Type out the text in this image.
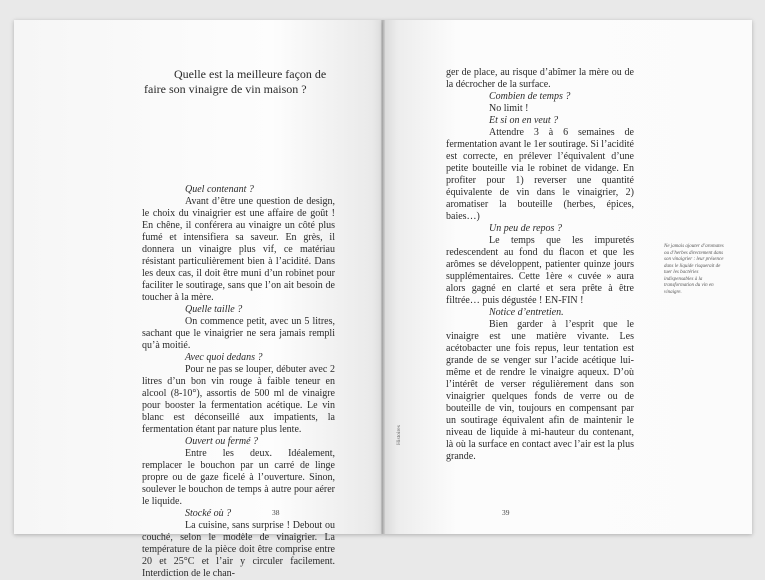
Quelle est la meilleure façon de faire son vinaigre de vin maison ?

Quel contenant ?

Avant d’être une question de design, le choix du vinaigrier est une affaire de goût ! En chêne, il conférera au vinaigre un côté plus fumé et intensifiera sa saveur. En grès, il donnera un vinaigre plus vif, ce matériau résistant particulièrement bien à l’acidité. Dans les deux cas, il doit être muni d’un robinet pour faciliter le soutirage, sans que l’on ait besoin de toucher à la mère.

Quelle taille ?

On commence petit, avec un 5 litres, sachant que le vinaigrier ne sera jamais rempli qu’à moitié.

Avec quoi dedans ?

Pour ne pas se louper, débuter avec 2 litres d’un bon vin rouge à faible teneur en alcool (8-10°), assortis de 500 ml de vinaigre pour booster la fermentation acétique. Le vin blanc est déconseillé aux impatients, la fermentation étant par nature plus lente.

Ouvert ou fermé ?

Entre les deux. Idéalement, remplacer le bouchon par un carré de linge propre ou de gaze ficelé à l’ouverture. Sinon, soulever le bouchon de temps à autre pour aérer le liquide.

Stocké où ?

La cuisine, sans surprise ! Debout ou couché, selon le modèle de vinaigrier. La température de la pièce doit être comprise entre 20 et 25°C et l’air y circuler facilement. Interdiction de le chan-

38
Histoires

ger de place, au risque d’abîmer la mère ou de la décrocher de la surface.

Combien de temps ?

No limit !

Et si on en veut ?

Attendre 3 à 6 semaines de fermentation avant le 1er soutirage. Si l’acidité est correcte, en prélever l’équivalent d’une petite bouteille via le robinet de vidange. En profiter pour 1) reverser une quantité équivalente de vin dans le vinaigrier, 2) aromatiser la bouteille (herbes, épices, baies…)

Un peu de repos ?

Le temps que les impuretés redescendent au fond du flacon et que les arômes se développent, patienter quinze jours supplémentaires. Cette 1ère « cuvée » aura alors gagné en clarté et sera prête à être filtrée… puis dégustée ! EN-FIN !

Notice d’entretien.

Bien garder à l’esprit que le vinaigre est une matière vivante. Les acétobacter une fois repus, leur tentation est grande de se venger sur l’acide acétique lui-même et de rendre le vinaigre aqueux. D’où l’intérêt de verser régulièrement dans son vinaigrier quelques fonds de verre ou de bouteille de vin, toujours en compensant par un soutirage équivalent afin de maintenir le niveau de liquide à mi-hauteur du contenant, là où la surface en contact avec l’air est la plus grande.

Ne jamais ajouter d’aromates ou d’herbes directement dans son vinaigrier : leur présence dans le liquide risquerait de tuer les bactéries indispensables à la transformation du vin en vinaigre.

39
